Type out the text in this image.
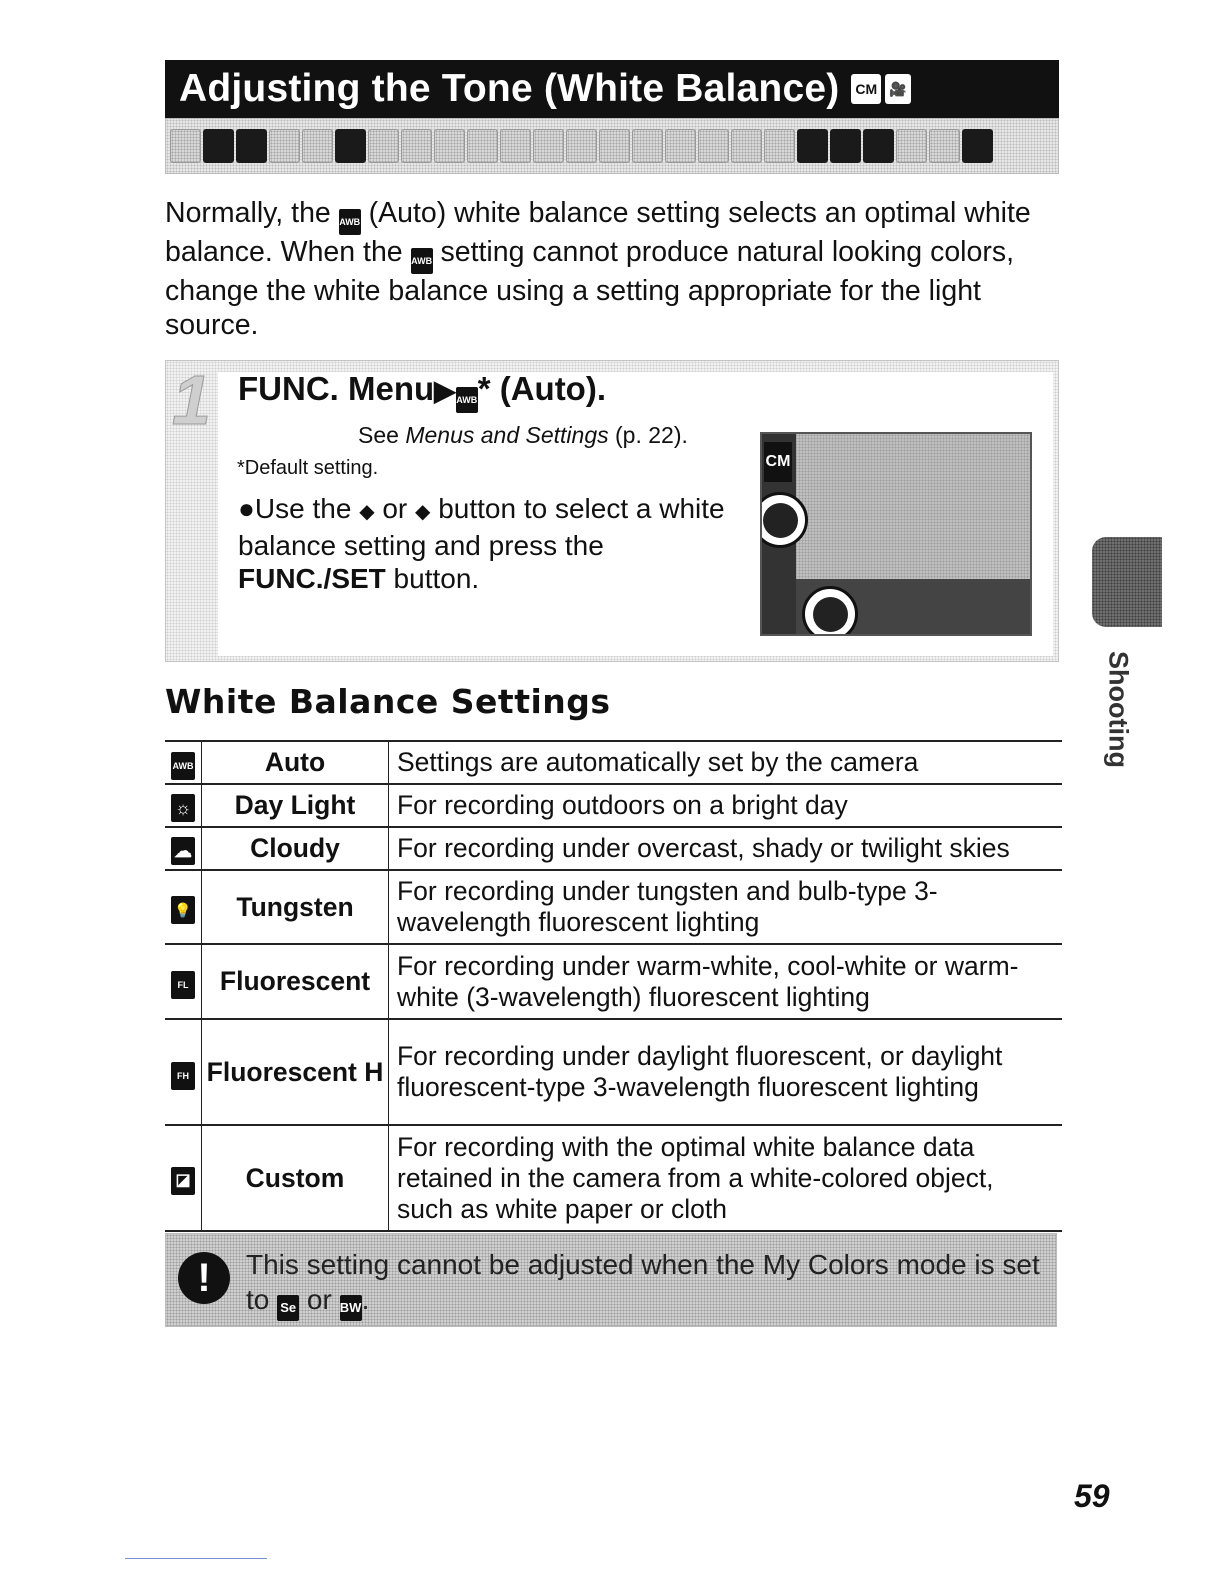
Adjusting the Tone (White Balance) CM 🎥
Normally, the AWB (Auto) white balance setting selects an optimal white balance. When the AWB setting cannot produce natural looking colors, change the white balance using a setting appropriate for the light source.
1 FUNC. Menu▶AWB* (Auto).
See Menus and Settings (p. 22).
*Default setting.
●Use the ◆ or ◆ button to select a white balance setting and press the FUNC./SET button.
CM
White Balance Settings
AWB	Auto	Settings are automatically set by the camera
☼	Day Light	For recording outdoors on a bright day
☁	Cloudy	For recording under overcast, shady or twilight skies
💡	Tungsten	For recording under tungsten and bulb-type 3-wavelength fluorescent lighting
FL	Fluorescent	For recording under warm-white, cool-white or warm-white (3-wavelength) fluorescent lighting
FH	Fluorescent H	For recording under daylight fluorescent, or daylight fluorescent-type 3-wavelength fluorescent lighting
◪	Custom	For recording with the optimal white balance data retained in the camera from a white-colored object, such as white paper or cloth
!	This setting cannot be adjusted when the My Colors mode is set to Se or BW.
Shooting
59
